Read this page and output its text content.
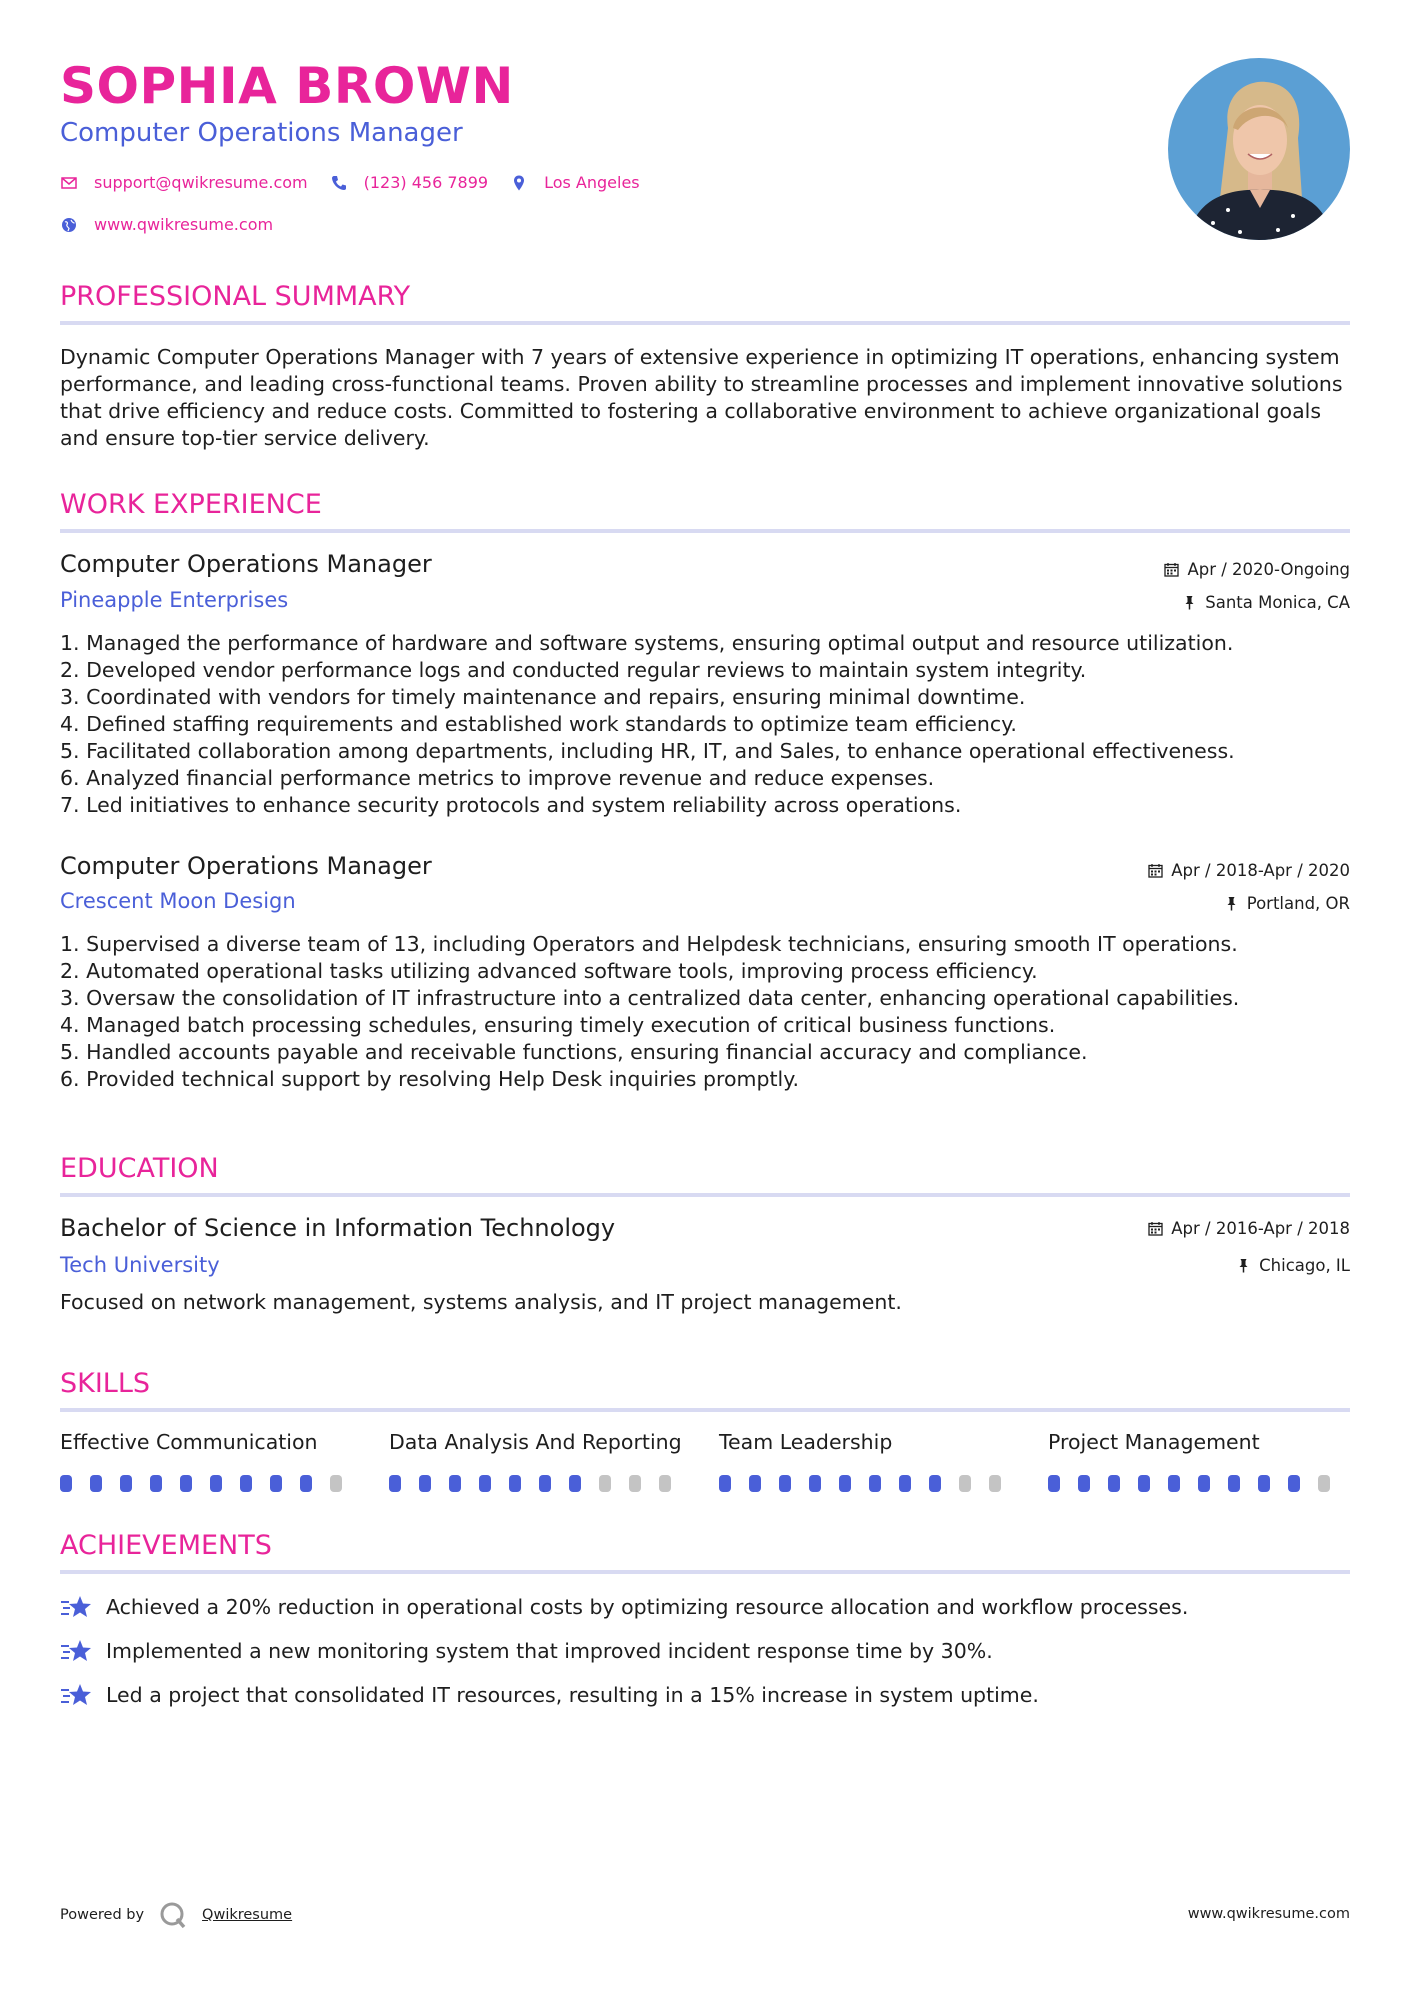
SOPHIA BROWN
Computer Operations Manager
support@qwikresume.com	(123) 456 7899	Los Angeles
www.qwikresume.com
PROFESSIONAL SUMMARY

Dynamic Computer Operations Manager with 7 years of extensive experience in optimizing IT operations, enhancing system performance, and leading cross-functional teams. Proven ability to streamline processes and implement innovative solutions that drive efficiency and reduce costs. Committed to fostering a collaborative environment to achieve organizational goals and ensure top-tier service delivery.

WORK EXPERIENCE
Computer Operations Manager
Pineapple Enterprises
Apr / 2020-Ongoing
Santa Monica, CA
1. Managed the performance of hardware and software systems, ensuring optimal output and resource utilization.
2. Developed vendor performance logs and conducted regular reviews to maintain system integrity.
3. Coordinated with vendors for timely maintenance and repairs, ensuring minimal downtime.
4. Defined staffing requirements and established work standards to optimize team efficiency.
5. Facilitated collaboration among departments, including HR, IT, and Sales, to enhance operational effectiveness.
6. Analyzed financial performance metrics to improve revenue and reduce expenses.
7. Led initiatives to enhance security protocols and system reliability across operations.
Computer Operations Manager
Crescent Moon Design
Apr / 2018-Apr / 2020
Portland, OR
1. Supervised a diverse team of 13, including Operators and Helpdesk technicians, ensuring smooth IT operations.
2. Automated operational tasks utilizing advanced software tools, improving process efficiency.
3. Oversaw the consolidation of IT infrastructure into a centralized data center, enhancing operational capabilities.
4. Managed batch processing schedules, ensuring timely execution of critical business functions.
5. Handled accounts payable and receivable functions, ensuring financial accuracy and compliance.
6. Provided technical support by resolving Help Desk inquiries promptly.
EDUCATION
Bachelor of Science in Information Technology
Tech University
Apr / 2016-Apr / 2018
Chicago, IL

Focused on network management, systems analysis, and IT project management.

SKILLS
Effective Communication	Data Analysis And Reporting	Team Leadership	Project Management
ACHIEVEMENTS
Achieved a 20% reduction in operational costs by optimizing resource allocation and workflow processes.
Implemented a new monitoring system that improved incident response time by 30%.
Led a project that consolidated IT resources, resulting in a 15% increase in system uptime.
Powered by	Qwikresume	www.qwikresume.com
